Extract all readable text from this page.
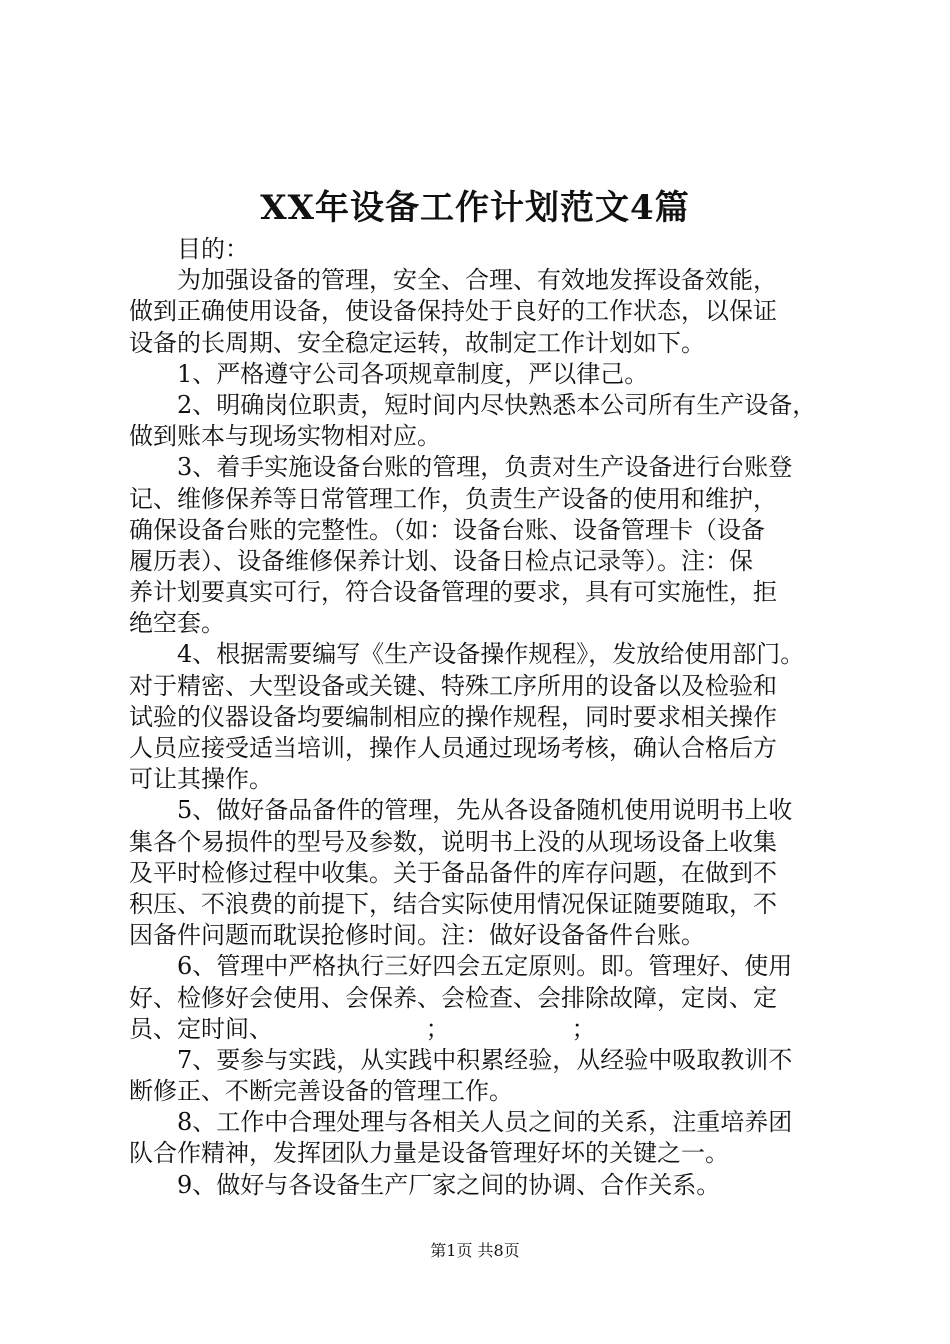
XX年设备工作计划范文4篇
目的：
为加强设备的管理，安全、合理、有效地发挥设备效能，
做到正确使用设备，使设备保持处于良好的工作状态，以保证
设备的长周期、安全稳定运转，故制定工作计划如下。
1、严格遵守公司各项规章制度，严以律己。
2、明确岗位职责，短时间内尽快熟悉本公司所有生产设备，
做到账本与现场实物相对应。
3、着手实施设备台账的管理，负责对生产设备进行台账登
记、维修保养等日常管理工作，负责生产设备的使用和维护，
确保设备台账的完整性。（如：设备台账、设备管理卡（设备
履历表）、设备维修保养计划、设备日检点记录等）。注：保
养计划要真实可行，符合设备管理的要求，具有可实施性，拒
绝空套。
4、根据需要编写《生产设备操作规程》，发放给使用部门。
对于精密、大型设备或关键、特殊工序所用的设备以及检验和
试验的仪器设备均要编制相应的操作规程，同时要求相关操作
人员应接受适当培训，操作人员通过现场考核，确认合格后方
可让其操作。
5、做好备品备件的管理，先从各设备随机使用说明书上收
集各个易损件的型号及参数，说明书上没的从现场设备上收集
及平时检修过程中收集。关于备品备件的库存问题，在做到不
积压、不浪费的前提下，结合实际使用情况保证随要随取，不
因备件问题而耽误抢修时间。注：做好设备备件台账。
6、管理中严格执行三好四会五定原则。即。管理好、使用
好、检修好会使用、会保养、会检查、会排除故障，定岗、定
员、定时间、                    ；                ；
7、要参与实践，从实践中积累经验，从经验中吸取教训不
断修正、不断完善设备的管理工作。
8、工作中合理处理与各相关人员之间的关系，注重培养团
队合作精神，发挥团队力量是设备管理好坏的关键之一。
9、做好与各设备生产厂家之间的协调、合作关系。
第1页 共8页
